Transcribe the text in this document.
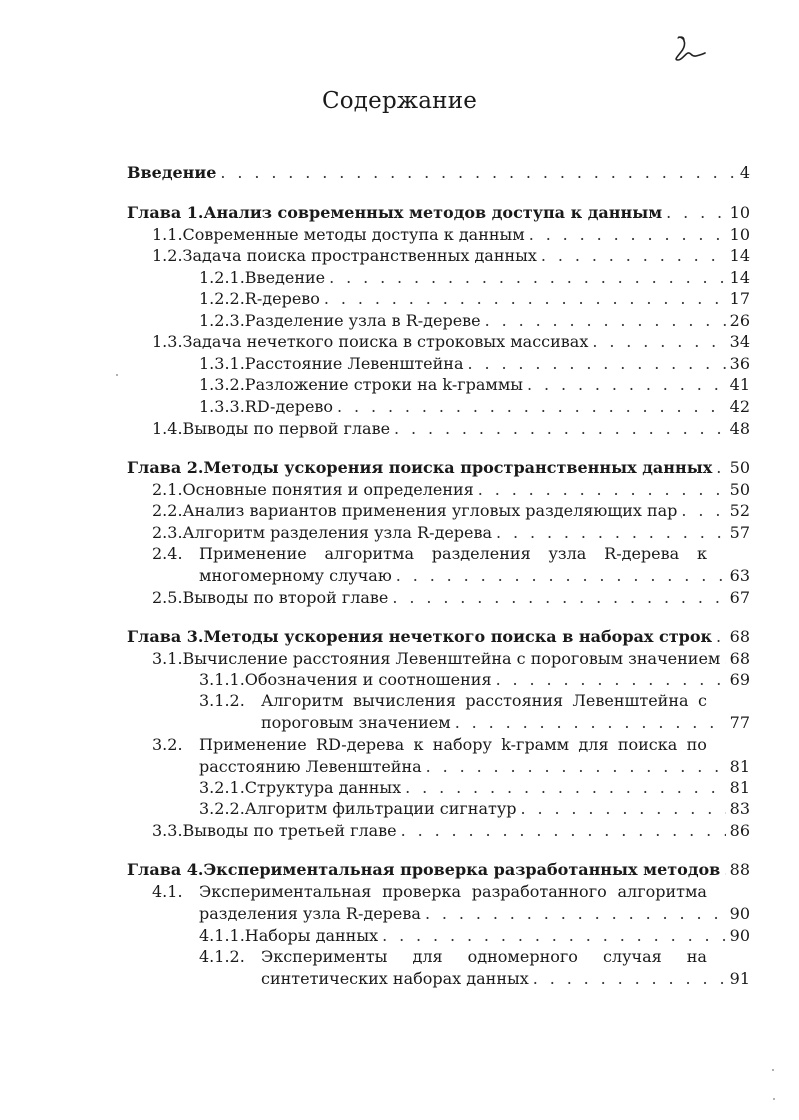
Содержание
Введение . . .	4
Глава 1. Анализ современных методов доступа к данным . . .	10
1.1. Современные методы доступа к данным . . .	10
1.2. Задача поиска пространственных данных . . .	14
1.2.1. Введение . . .	14
1.2.2. R-дерево . . .	17
1.2.3. Разделение узла в R-дереве . . .	26
1.3. Задача нечеткого поиска в строковых массивах . . .	34
1.3.1. Расстояние Левенштейна . . .	36
1.3.2. Разложение строки на k-граммы . . .	41
1.3.3. RD-дерево . . .	42
1.4. Выводы по первой главе . . .	48
Глава 2. Методы ускорения поиска пространственных данных . . . 50
2.1. Основные понятия и определения . . .	50
2.2. Анализ вариантов применения угловых разделяющих пар . . .	52
2.3. Алгоритм разделения узла R-дерева . . .	57
2.4. Применение алгоритма разделения узла R-дерева к
многомерному случаю . . .	63
2.5. Выводы по второй главе . . .	67
Глава 3. Методы ускорения нечеткого поиска в наборах строк . . . 68
3.1. Вычисление расстояния Левенштейна с пороговым значением . . . 68
3.1.1. Обозначения и соотношения . . .	69
3.1.2. Алгоритм вычисления расстояния Левенштейна с
пороговым значением . . .	77
3.2. Применение RD-дерева к набору k-грамм для поиска по
расстоянию Левенштейна . . .	81
3.2.1. Структура данных . . .	81
3.2.2. Алгоритм фильтрации сигнатур . . .	83
3.3. Выводы по третьей главе . . .	86
Глава 4. Экспериментальная проверка разработанных методов . . . 88
4.1. Экспериментальная проверка разработанного алгоритма
разделения узла R-дерева . . .	90
4.1.1. Наборы данных . . .	90
4.1.2. Эксперименты для одномерного случая на
синтетических наборах данных . . .	91
